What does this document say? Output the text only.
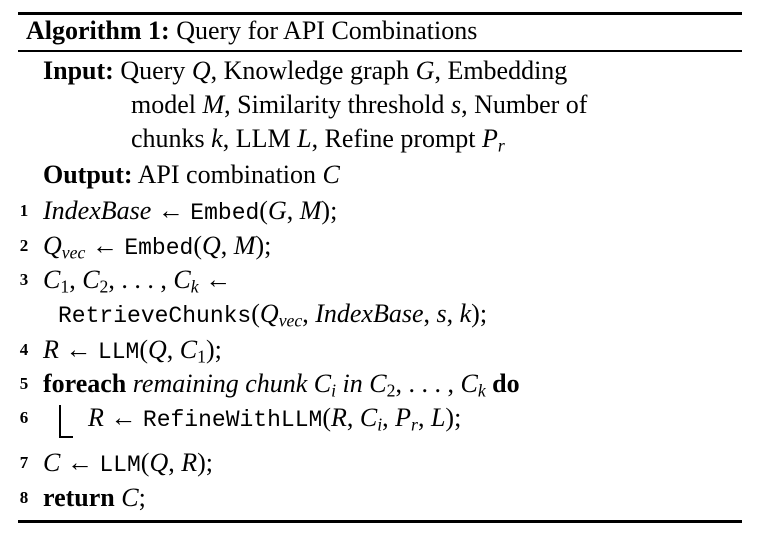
Algorithm 1: Query for API Combinations
Input: Query Q, Knowledge graph G, Embedding
model M, Similarity threshold s, Number of
chunks k, LLM L, Refine prompt $P_r$
Output: API combination C
1 IndexBase ← Embed(G, M);
2 $Q_{vec}$ ← Embed(Q, M);
3 $C_1$, $C_2$, . . . , $C_k$ ←
$RetrieveChunks(Q_{vec}$, IndexBase, s, k);
4 R ← LLM(Q, $C_1$);
5 foreach remaining chunk $C_i$ in $C_2$, . . . , $C_k$ do
6 R ← RefineWithLLM(R, $C_i$, $P_r$, L);
7 C ← LLM(Q, R);
8 return C;
